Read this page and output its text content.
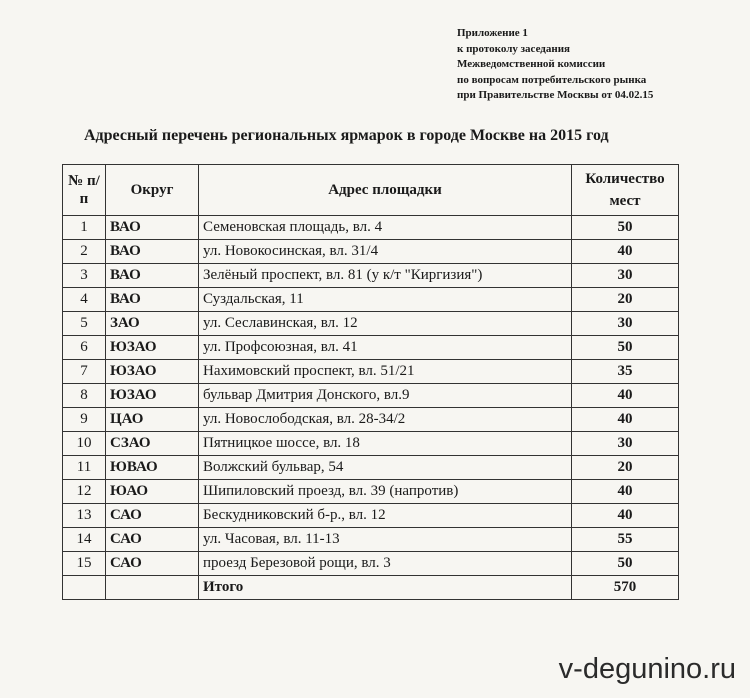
Приложение 1
к протоколу заседания
Межведомственной комиссии
по вопросам потребительского рынка
при Правительстве Москвы от 04.02.15
Адресный перечень региональных ярмарок в городе Москве на 2015 год
№ п/п	Округ	Адрес площадки	Количество мест
1	ВАО	Семеновская площадь, вл. 4	50
2	ВАО	ул. Новокосинская, вл. 31/4	40
3	ВАО	Зелёный проспект, вл. 81 (у к/т "Киргизия")	30
4	ВАО	Суздальская, 11	20
5	ЗАО	ул. Сеславинская, вл. 12	30
6	ЮЗАО	ул. Профсоюзная, вл. 41	50
7	ЮЗАО	Нахимовский проспект, вл. 51/21	35
8	ЮЗАО	бульвар Дмитрия Донского, вл.9	40
9	ЦАО	ул. Новослободская, вл. 28-34/2	40
10	СЗАО	Пятницкое шоссе, вл. 18	30
11	ЮВАО	Волжский бульвар, 54	20
12	ЮАО	Шипиловский проезд, вл. 39 (напротив)	40
13	САО	Бескудниковский б-р., вл. 12	40
14	САО	ул. Часовая, вл. 11-13	55
15	САО	проезд Березовой рощи, вл. 3	50
		Итого	570
v-degunino.ru
